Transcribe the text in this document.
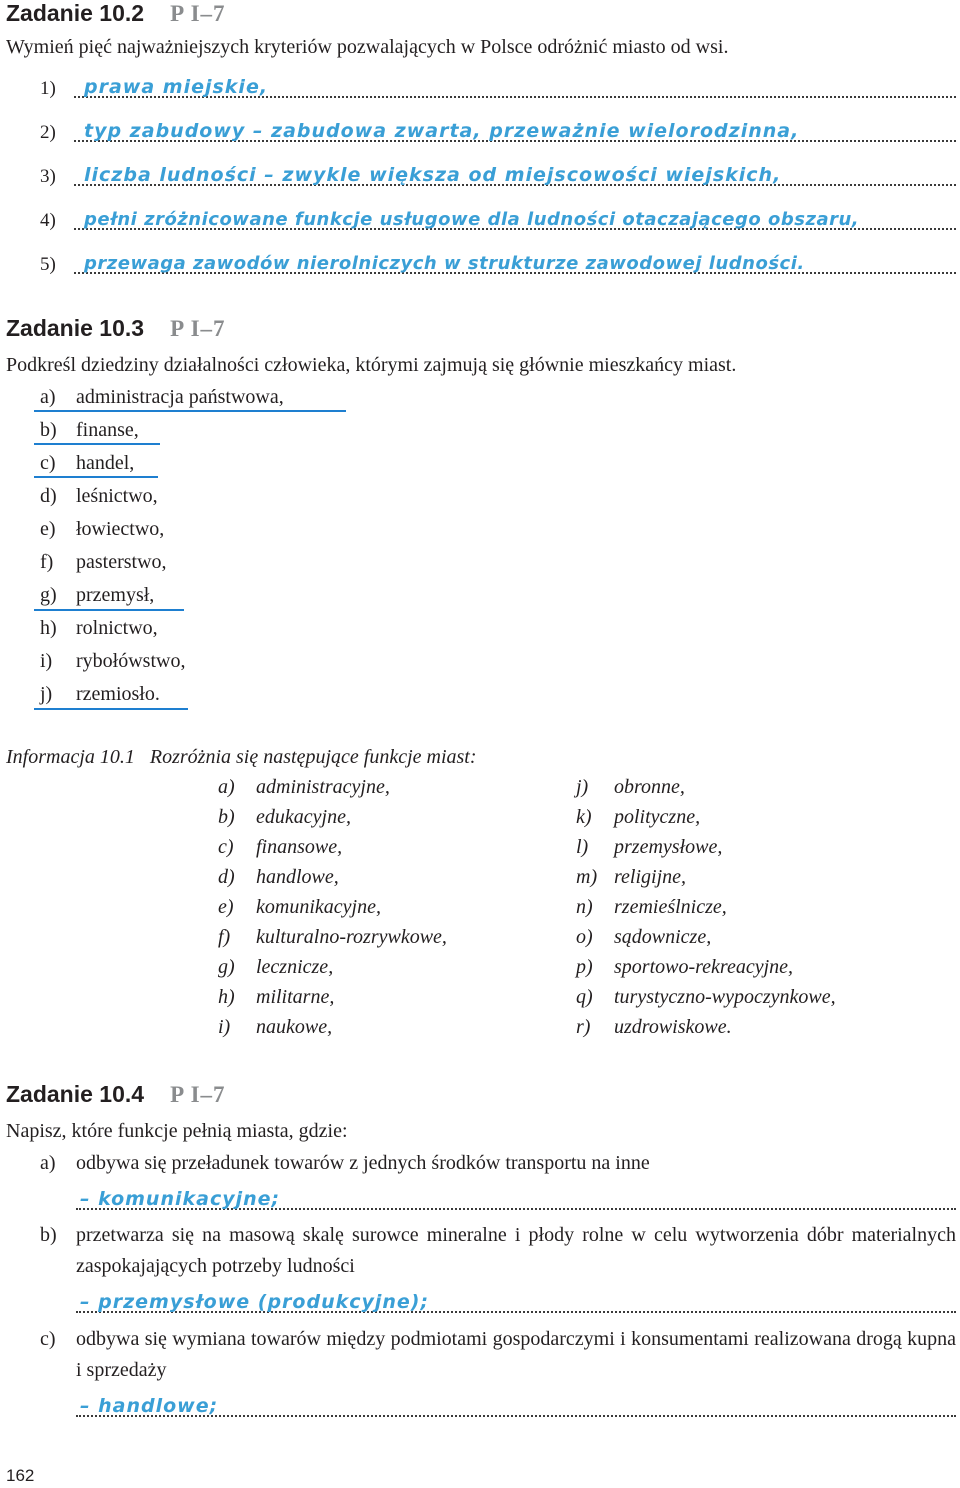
Zadanie 10.2 P I–7
Wymień pięć najważniejszych kryteriów pozwalających w Polsce odróżnić miasto od wsi.
1) prawa miejskie,
2) typ zabudowy – zabudowa zwarta, przeważnie wielorodzinna,
3) liczba ludności – zwykle większa od miejscowości wiejskich,
4) pełni zróżnicowane funkcje usługowe dla ludności otaczającego obszaru,
5) przewaga zawodów nierolniczych w strukturze zawodowej ludności.
Zadanie 10.3 P I–7
Podkreśl dziedziny działalności człowieka, którymi zajmują się głównie mieszkańcy miast.
a) administracja państwowa,
b) finanse,
c) handel,
d) leśnictwo,
e) łowiectwo,
f) pasterstwo,
g) przemysł,
h) rolnictwo,
i) rybołówstwo,
j) rzemiosło.
Informacja 10.1 Rozróżnia się następujące funkcje miast:
a) administracyjne,
b) edukacyjne,
c) finansowe,
d) handlowe,
e) komunikacyjne,
f) kulturalno-rozrywkowe,
g) lecznicze,
h) militarne,
i) naukowe,
j) obronne,
k) polityczne,
l) przemysłowe,
m) religijne,
n) rzemieślnicze,
o) sądownicze,
p) sportowo-rekreacyjne,
q) turystyczno-wypoczynkowe,
r) uzdrowiskowe.
Zadanie 10.4 P I–7
Napisz, które funkcje pełnią miasta, gdzie:
a) odbywa się przeładunek towarów z jednych środków transportu na inne
– komunikacyjne;
b) przetwarza się na masową skalę surowce mineralne i płody rolne w celu wytworzenia dóbr materialnych zaspokajających potrzeby ludności
– przemysłowe (produkcyjne);
c) odbywa się wymiana towarów między podmiotami gospodarczymi i konsumentami realizowana drogą kupna i sprzedaży
– handlowe;
162
